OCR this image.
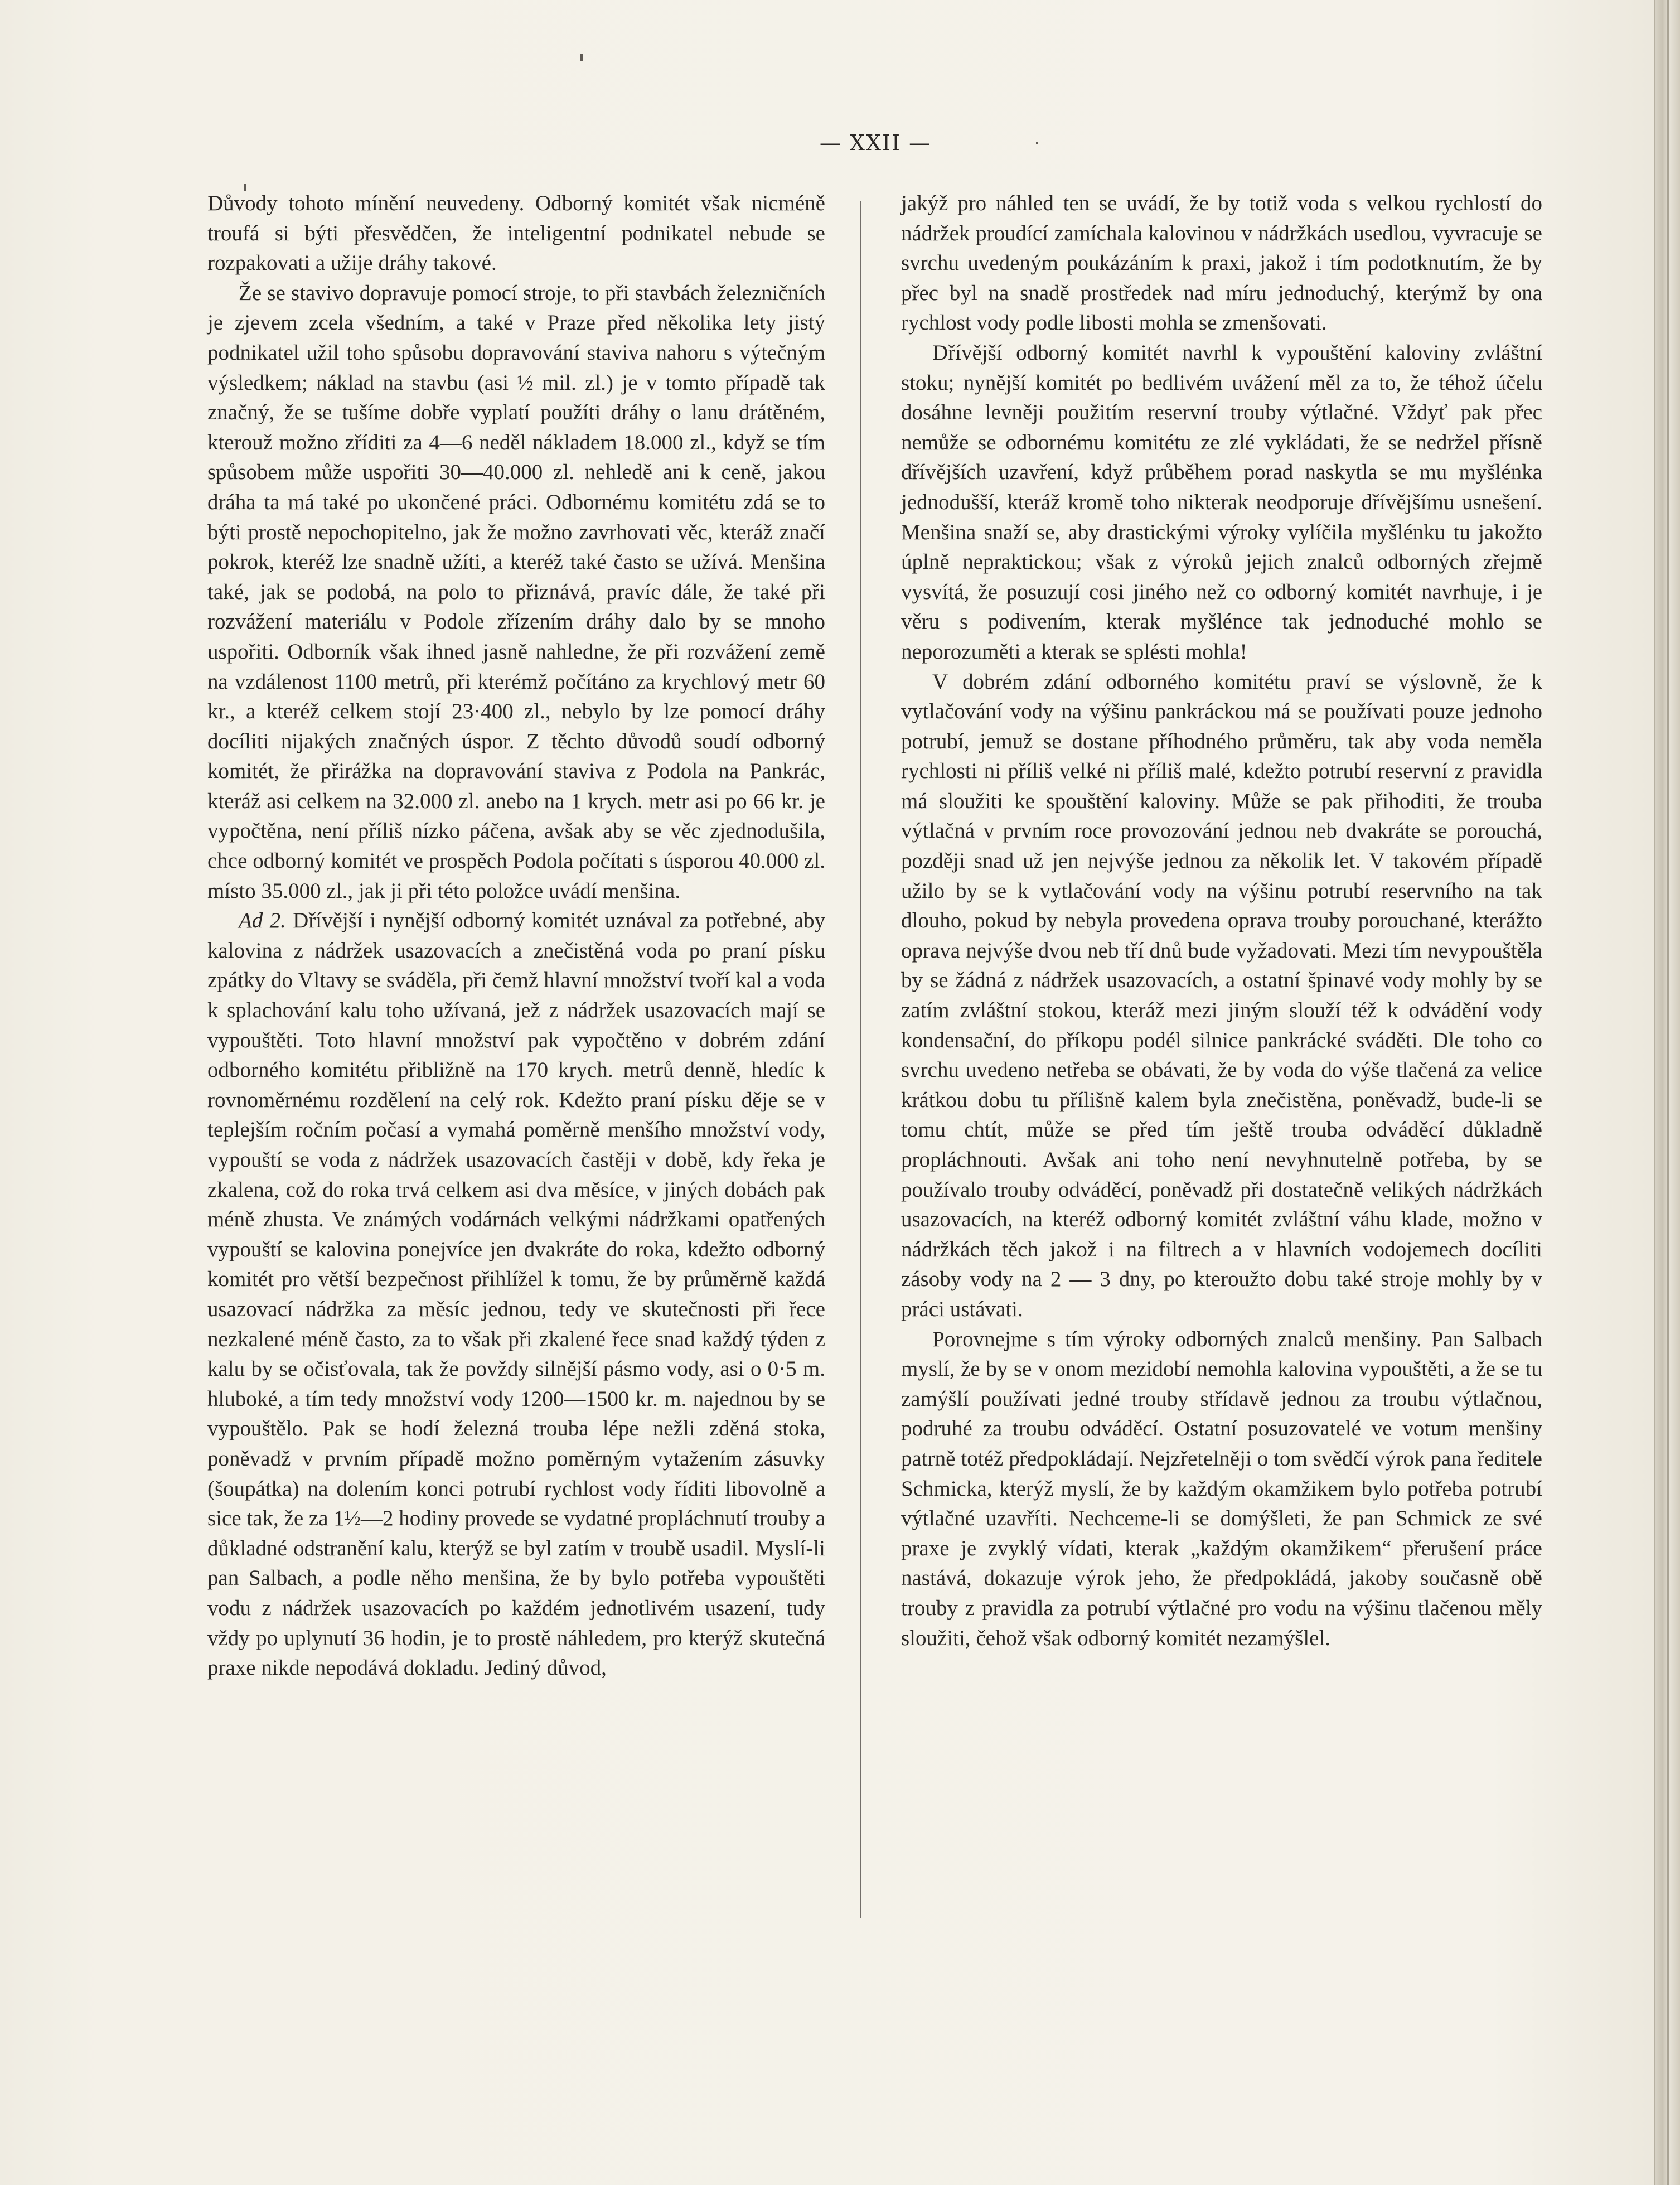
— XXII —

Důvody tohoto mínění neuvedeny. Odborný komitét však nicméně troufá si býti přesvědčen, že inteligentní podnikatel nebude se rozpakovati a užije dráhy takové.

Že se stavivo dopravuje pomocí stroje, to při stavbách železničních je zjevem zcela všedním, a také v Praze před několika lety jistý podnikatel užil toho spůsobu dopravování staviva nahoru s výtečným výsledkem; náklad na stavbu (asi ½ mil. zl.) je v tomto případě tak značný, že se tušíme dobře vyplatí použíti dráhy o lanu drátěném, kterouž možno zříditi za 4—6 neděl nákladem 18.000 zl., když se tím spůsobem může uspořiti 30—40.000 zl. nehledě ani k ceně, jakou dráha ta má také po ukončené práci. Odbornému komitétu zdá se to býti prostě nepochopitelno, jak že možno zavrhovati věc, kteráž značí pokrok, kteréž lze snadně užíti, a kteréž také často se užívá. Menšina také, jak se podobá, na polo to přiznává, pravíc dále, že také při rozvážení materiálu v Podole zřízením dráhy dalo by se mnoho uspořiti. Odborník však ihned jasně nahledne, že při rozvážení země na vzdálenost 1100 metrů, při kterémž počítáno za krychlový metr 60 kr., a kteréž celkem stojí 23·400 zl., nebylo by lze pomocí dráhy docíliti nijakých značných úspor. Z těchto důvodů soudí odborný komitét, že přirážka na dopravování staviva z Podola na Pankrác, kteráž asi celkem na 32.000 zl. anebo na 1 krych. metr asi po 66 kr. je vypočtěna, není příliš nízko páčena, avšak aby se věc zjednodušila, chce odborný komitét ve prospěch Podola počítati s úsporou 40.000 zl. místo 35.000 zl., jak ji při této položce uvádí menšina.

Ad 2. Dřívější i nynější odborný komitét uznával za potřebné, aby kalovina z nádržek usazovacích a znečistěná voda po praní písku zpátky do Vltavy se sváděla, při čemž hlavní množství tvoří kal a voda k splachování kalu toho užívaná, jež z nádržek usazovacích mají se vypouštěti. Toto hlavní množství pak vypočtěno v dobrém zdání odborného komitétu přibližně na 170 krych. metrů denně, hledíc k rovnoměrnému rozdělení na celý rok. Kdežto praní písku děje se v teplejším ročním počasí a vymahá poměrně menšího množství vody, vypouští se voda z nádržek usazovacích častěji v době, kdy řeka je zkalena, což do roka trvá celkem asi dva měsíce, v jiných dobách pak méně zhusta. Ve známých vodárnách velkými nádržkami opatřených vypouští se kalovina ponejvíce jen dvakráte do roka, kdežto odborný komitét pro větší bezpečnost přihlížel k tomu, že by průměrně každá usazovací nádržka za měsíc jednou, tedy ve skutečnosti při řece nezkalené méně často, za to však při zkalené řece snad každý týden z kalu by se očisťovala, tak že povždy silnější pásmo vody, asi o 0·5 m. hluboké, a tím tedy množství vody 1200—1500 kr. m. najednou by se vypouštělo. Pak se hodí železná trouba lépe nežli zděná stoka, poněvadž v prvním případě možno poměrným vytažením zásuvky (šoupátka) na dolením konci potrubí rychlost vody říditi libovolně a sice tak, že za 1½—2 hodiny provede se vydatné propláchnutí trouby a důkladné odstranění kalu, kterýž se byl zatím v troubě usadil. Myslí-li pan Salbach, a podle něho menšina, že by bylo potřeba vypouštěti vodu z nádržek usazovacích po každém jednotlivém usazení, tudy vždy po uplynutí 36 hodin, je to prostě náhledem, pro kterýž skutečná praxe nikde nepodává dokladu. Jediný důvod,

jakýž pro náhled ten se uvádí, že by totiž voda s velkou rychlostí do nádržek proudící zamíchala kalovinou v nádržkách usedlou, vyvracuje se svrchu uvedeným poukázáním k praxi, jakož i tím podotknutím, že by přec byl na snadě prostředek nad míru jednoduchý, kterýmž by ona rychlost vody podle libosti mohla se zmenšovati.

Dřívější odborný komitét navrhl k vypouštění kaloviny zvláštní stoku; nynější komitét po bedlivém uvážení měl za to, že téhož účelu dosáhne levněji použitím reservní trouby výtlačné. Vždyť pak přec nemůže se odbornému komitétu ze zlé vykládati, že se nedržel přísně dřívějších uzavření, když průběhem porad naskytla se mu myšlénka jednodušší, kteráž kromě toho nikterak neodporuje dřívějšímu usnešení. Menšina snaží se, aby drastickými výroky vylíčila myšlénku tu jakožto úplně nepraktickou; však z výroků jejich znalců odborných zřejmě vysvítá, že posuzují cosi jiného než co odborný komitét navrhuje, i je věru s podivením, kterak myšlénce tak jednoduché mohlo se neporozuměti a kterak se splésti mohla!

V dobrém zdání odborného komitétu praví se výslovně, že k vytlačování vody na výšinu pankráckou má se používati pouze jednoho potrubí, jemuž se dostane příhodného průměru, tak aby voda neměla rychlosti ni příliš velké ni příliš malé, kdežto potrubí reservní z pravidla má sloužiti ke spouštění kaloviny. Může se pak přihoditi, že trouba výtlačná v prvním roce provozování jednou neb dvakráte se porouchá, později snad už jen nejvýše jednou za několik let. V takovém případě užilo by se k vytlačování vody na výšinu potrubí reservního na tak dlouho, pokud by nebyla provedena oprava trouby porouchané, kterážto oprava nejvýše dvou neb tří dnů bude vyžadovati. Mezi tím nevypouštěla by se žádná z nádržek usazovacích, a ostatní špinavé vody mohly by se zatím zvláštní stokou, kteráž mezi jiným slouží též k odvádění vody kondensační, do příkopu podél silnice pankrácké sváděti. Dle toho co svrchu uvedeno netřeba se obávati, že by voda do výše tlačená za velice krátkou dobu tu přílišně kalem byla znečistěna, poněvadž, bude-li se tomu chtít, může se před tím ještě trouba odváděcí důkladně propláchnouti. Avšak ani toho není nevyhnutelně potřeba, by se používalo trouby odváděcí, poněvadž při dostatečně velikých nádržkách usazovacích, na kteréž odborný komitét zvláštní váhu klade, možno v nádržkách těch jakož i na filtrech a v hlavních vodojemech docíliti zásoby vody na 2 — 3 dny, po kteroužto dobu také stroje mohly by v práci ustávati.

Porovnejme s tím výroky odborných znalců menšiny. Pan Salbach myslí, že by se v onom mezidobí nemohla kalovina vypouštěti, a že se tu zamýšlí používati jedné trouby střídavě jednou za troubu výtlačnou, podruhé za troubu odváděcí. Ostatní posuzovatelé ve votum menšiny patrně totéž předpokládají. Nejzřetelněji o tom svědčí výrok pana ředitele Schmicka, kterýž myslí, že by každým okamžikem bylo potřeba potrubí výtlačné uzavříti. Nechceme-li se domýšleti, že pan Schmick ze své praxe je zvyklý vídati, kterak „každým okamžikem“ přerušení práce nastává, dokazuje výrok jeho, že předpokládá, jakoby současně obě trouby z pravidla za potrubí výtlačné pro vodu na výšinu tlačenou měly sloužiti, čehož však odborný komitét nezamýšlel.
